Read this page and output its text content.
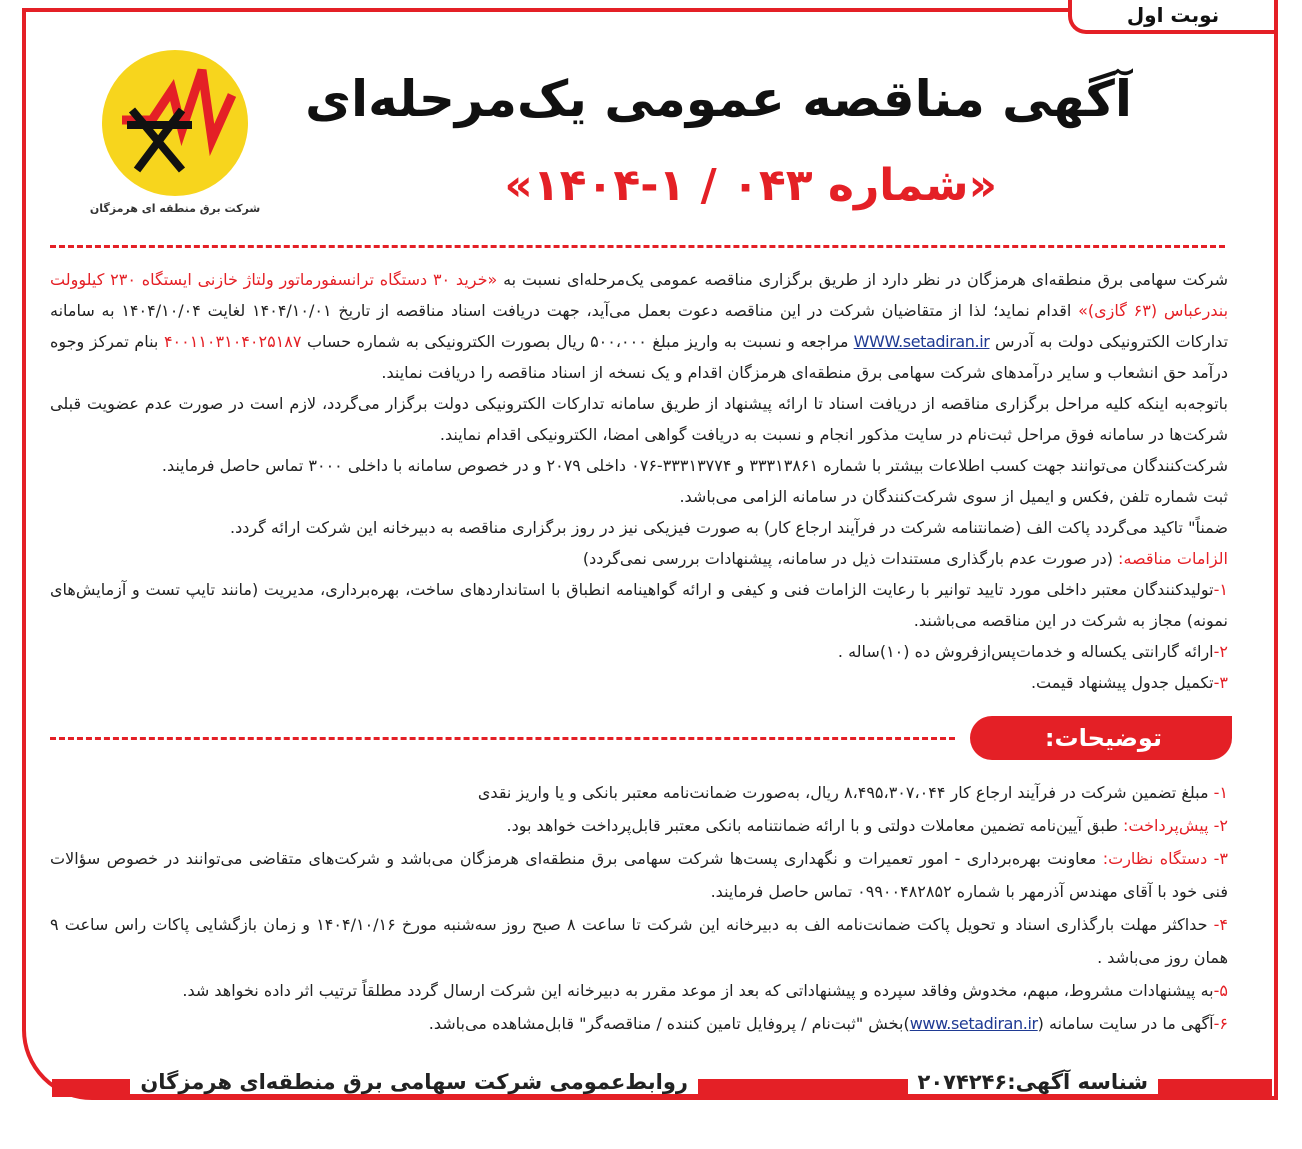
نوبت اول
شرکت برق منطقه ای هرمزگان
آگهی مناقصه عمومی یک‌مرحله‌ای
«شماره ۰۴۳ / ۱-۱۴۰۴»

شرکت سهامی برق منطقه‌ای هرمزگان در نظر دارد از طریق برگزاری مناقصه عمومی یک‌مرحله‌ای نسبت به «خرید ۳۰ دستگاه ترانسفورماتور ولتاژ خازنی ایستگاه ۲۳۰ کیلوولت بندرعباس (۶۳ گازی)» اقدام نماید؛ لذا از متقاضیان شرکت در این مناقصه دعوت بعمل می‌آید، جهت دریافت اسناد مناقصه از تاریخ ۱۴۰۴/۱۰/۰۱ لغایت ۱۴۰۴/۱۰/۰۴ به سامانه تدارکات الکترونیکی دولت به آدرس WWW.setadiran.ir مراجعه و نسبت به واریز مبلغ ۵۰۰،۰۰۰ ریال بصورت الکترونیکی به شماره حساب ۴۰۰۱۱۰۳۱۰۴۰۲۵۱۸۷ بنام تمرکز وجوه درآمد حق انشعاب و سایر درآمدهای شرکت سهامی برق منطقه‌ای هرمزگان اقدام و یک نسخه از اسناد مناقصه را دریافت نمایند.

باتوجه‌به اینکه کلیه مراحل برگزاری مناقصه از دریافت اسناد تا ارائه پیشنهاد از طریق سامانه تدارکات الکترونیکی دولت برگزار می‌گردد، لازم است در صورت عدم عضویت قبلی شرکت‌ها در سامانه فوق مراحل ثبت‌نام در سایت مذکور انجام و نسبت به دریافت گواهی امضا، الکترونیکی اقدام نمایند.

شرکت‌کنندگان می‌توانند جهت کسب اطلاعات بیشتر با شماره ۳۳۳۱۳۸۶۱ و ۳۳۳۱۳۷۷۴-۰۷۶ داخلی ۲۰۷۹ و در خصوص سامانه با داخلی ۳۰۰۰ تماس حاصل فرمایند.

ثبت شماره تلفن ,فکس و ایمیل از سوی شرکت‌کنندگان در سامانه الزامی می‌باشد.

ضمناً" تاکید می‌گردد پاکت الف (ضمانتنامه شرکت در فرآیند ارجاع کار) به صورت فیزیکی نیز در روز برگزاری مناقصه به دبیرخانه این شرکت ارائه گردد.

الزامات مناقصه: (در صورت عدم بارگذاری مستندات ذیل در سامانه، پیشنهادات بررسی نمی‌گردد)

۱-تولیدکنندگان معتبر داخلی مورد تایید توانیر با رعایت الزامات فنی و کیفی و ارائه گواهینامه انطباق با استانداردهای ساخت، بهره‌برداری، مدیریت (مانند تایپ تست و آزمایش‌های نمونه) مجاز به شرکت در این مناقصه می‌باشند.

۲-ارائه گارانتی یکساله و خدمات‌پس‌ازفروش ده (۱۰)ساله .

۳-تکمیل جدول پیشنهاد قیمت.

توضیحات:

۱- مبلغ تضمین شرکت در فرآیند ارجاع کار ۸،۴۹۵،۳۰۷،۰۴۴ ریال، به‌صورت ضمانت‌نامه معتبر بانکی و یا واریز نقدی

۲- پیش‌پرداخت: طبق آیین‌نامه تضمین معاملات دولتی و با ارائه ضمانتنامه بانکی معتبر قابل‌پرداخت خواهد بود.

۳- دستگاه نظارت: معاونت بهره‌برداری - امور تعمیرات و نگهداری پست‌ها شرکت سهامی برق منطقه‌ای هرمزگان می‌باشد و شرکت‌های متقاضی می‌توانند در خصوص سؤالات فنی خود با آقای مهندس آذرمهر با شماره ۰۹۹۰۰۴۸۲۸۵۲ تماس حاصل فرمایند.

۴- حداکثر مهلت بارگذاری اسناد و تحویل پاکت ضمانت‌نامه الف به دبیرخانه این شرکت تا ساعت ۸ صبح روز سه‌شنبه مورخ ۱۴۰۴/۱۰/۱۶ و زمان بازگشایی پاکات راس ساعت ۹ همان روز می‌باشد .

۵-به پیشنهادات مشروط، مبهم، مخدوش وفاقد سپرده و پیشنهاداتی که بعد از موعد مقرر به دبیرخانه این شرکت ارسال گردد مطلقاً ترتیب اثر داده نخواهد شد.

۶-آگهی ما در سایت سامانه (www.setadiran.ir)بخش "ثبت‌نام / پروفایل تامین کننده / مناقصه‌گر" قابل‌مشاهده می‌باشد.

شناسه آگهی:۲۰۷۴۲۴۶
روابط‌عمومی شرکت سهامی برق منطقه‌ای هرمزگان
